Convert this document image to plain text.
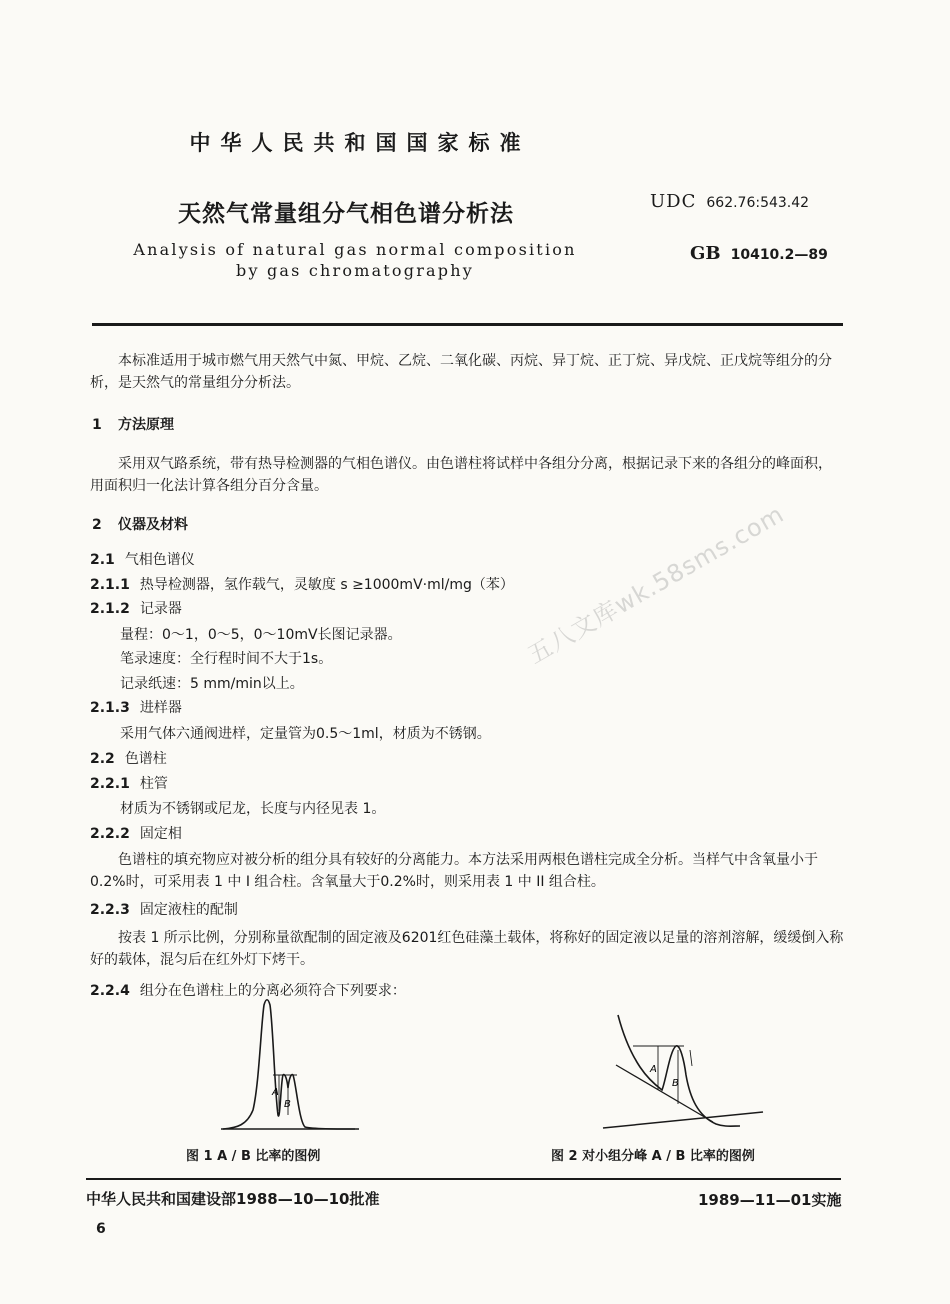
中华人民共和国国家标准
天然气常量组分气相色谱分析法
Analysis of natural gas normal composition
by gas chromatography
UDC 662.76:543.42
GB 10410.2—89

本标准适用于城市燃气用天然气中氮、甲烷、乙烷、二氧化碳、丙烷、异丁烷、正丁烷、异戊烷、正戊烷等组分的分析，是天然气的常量组分分析法。

1 方法原理

采用双气路系统，带有热导检测器的气相色谱仪。由色谱柱将试样中各组分分离，根据记录下来的各组分的峰面积，用面积归一化法计算各组分百分含量。

2 仪器及材料
2.1 气相色谱仪
2.1.1 热导检测器，氢作载气，灵敏度 s ≥1000mV·ml/mg（苯）
2.1.2 记录器
量程：0～1，0～5，0～10mV长图记录器。
笔录速度：全行程时间不大于1s。
记录纸速：5 mm/min以上。
2.1.3 进样器
采用气体六通阀进样，定量管为0.5～1ml，材质为不锈钢。
2.2 色谱柱
2.2.1 柱管
材质为不锈钢或尼龙，长度与内径见表 1。
2.2.2 固定相

色谱柱的填充物应对被分析的组分具有较好的分离能力。本方法采用两根色谱柱完成全分析。当样气中含氧量小于0.2%时，可采用表 1 中 I 组合柱。含氧量大于0.2%时，则采用表 1 中 II 组合柱。

2.2.3 固定液柱的配制

按表 1 所示比例，分别称量欲配制的固定液及6201红色硅藻土载体，将称好的固定液以足量的溶剂溶解，缓缓倒入称好的载体，混匀后在红外灯下烤干。

2.2.4 组分在色谱柱上的分离必须符合下列要求：
五八文库wk.58sms.com
A
B
图 1 A / B 比率的图例
A
B
图 2 对小组分峰 A / B 比率的图例
中华人民共和国建设部1988—10—10批准	1989—11—01实施
6
